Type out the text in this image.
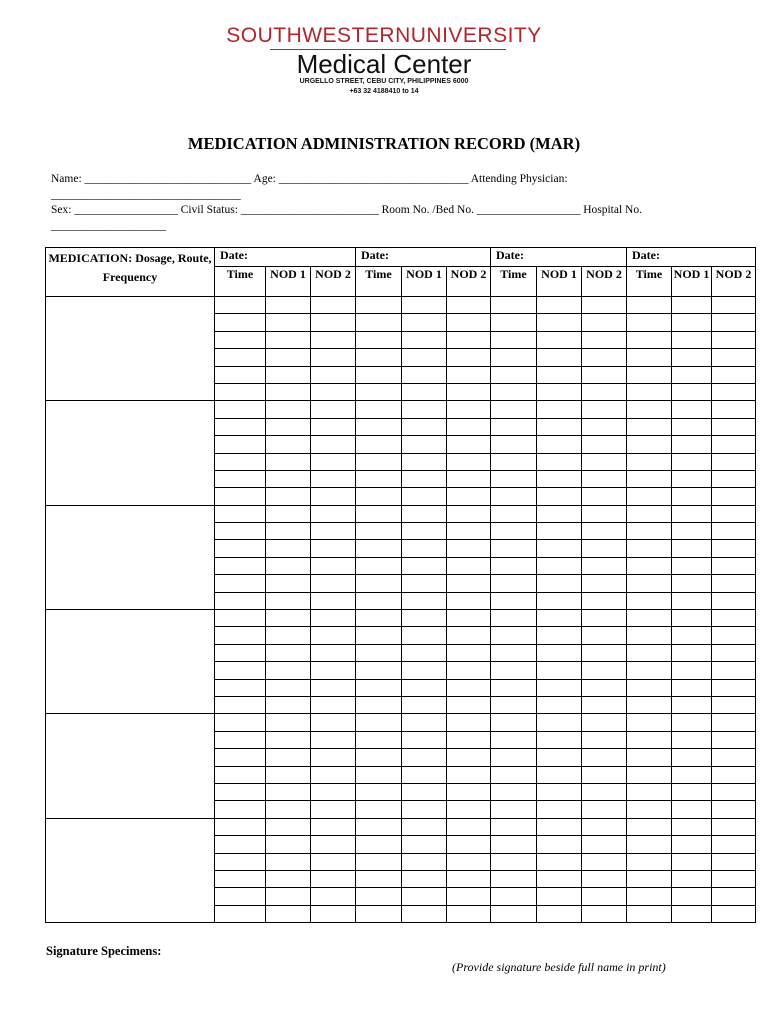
SOUTHWESTERNUNIVERSITY
Medical Center
URGELLO STREET, CEBU CITY, PHILIPPINES 6000
+63 32 4188410 to 14
MEDICATION ADMINISTRATION RECORD (MAR)
Name: _____________________________ Age: _________________________________ Attending Physician:
_________________________________
Sex: __________________ Civil Status: ________________________ Room No. /Bed No. __________________ Hospital No.
____________________
MEDICATION: Dosage, Route, Frequency	Date:			Date:			Date:			Date:		
	Time	NOD 1	NOD 2	Time	NOD 1	NOD 2	Time	NOD 1	NOD 2	Time	NOD 1	NOD 2

Signature Specimens:
(Provide signature beside full name in print)
